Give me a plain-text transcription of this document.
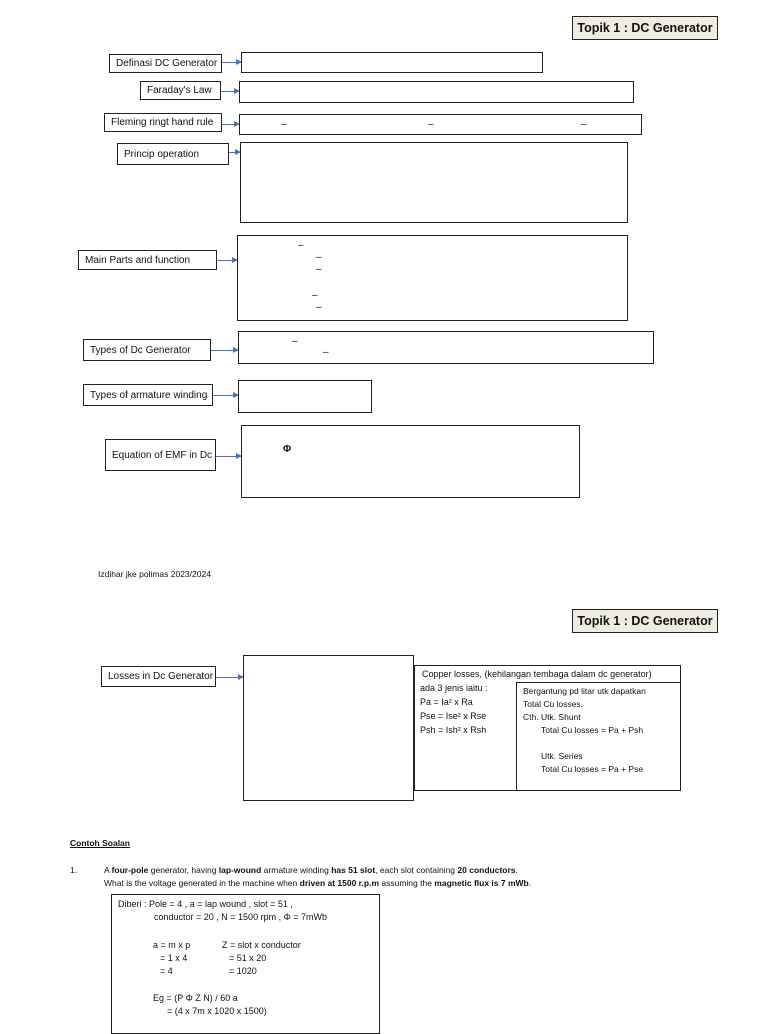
Topik 1 : DC Generator
Definasi DC Generator
Faraday's Law
Fleming ringt hand rule	–	–	–
Princip operation
Main Parts and function
–
–
–
–
–
Types of Dc Generator
–
–
Types of armature winding
Equation of EMF in Dc	Φ
Izdihar jke polimas 2023/2024
Topik 1 : DC Generator
Losses in Dc Generator	Copper losses, (kehilangan tembaga dalam dc generator)
ada 3 jenis iaitu :
Pa = Ia² x Ra
Pse = Ise² x Rse
Psh = Ish² x Rsh
Bergantung pd litar utk dapatkan
Total Cu losses.
Cth. Utk. Shunt
Total Cu losses = Pa + Psh
Utk. Series
Total Cu losses = Pa + Pse
Contoh Soalan
1.	A four-pole generator, having lap-wound armature winding has 51 slot, each slot containing 20 conductors.
What is the voltage generated in the machine when driven at 1500 r.p.m assuming the magnetic flux is 7 mWb.
Diberi : Pole = 4 , a = lap wound , slot = 51 ,
conductor = 20 , N = 1500 rpm , Φ = 7mWb
a = m x p
= 1 x 4
= 4
Z = slot x conductor
= 51 x 20
= 1020
Eg = (P Φ Z N) / 60 a
= (4 x 7m x 1020 x 1500)
